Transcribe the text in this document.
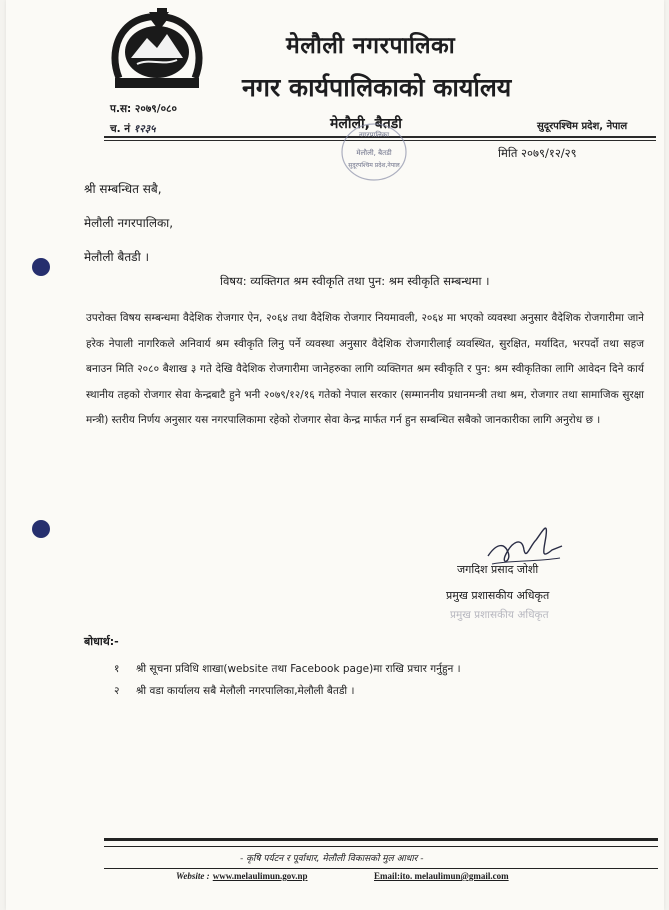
मेलौली नगरपालिका
नगर कार्यपालिकाको कार्यालय
मेलौली, बैतडी	सुदूरपश्चिम प्रदेश, नेपाल
प.स: २०७९/०८०
च. नं १२३५
मिति २०७९/१२/२९
नगरपालिका
मेलौली, बैतडी
सुदूरपश्चिम प्रदेश,नेपाल
श्री सम्बन्धित सबै,
मेलौली नगरपालिका,
मेलौली बैतडी ।
विषय: व्यक्तिगत श्रम स्वीकृति तथा पुन: श्रम स्वीकृति सम्बन्धमा ।
उपरोक्त विषय सम्बन्धमा वैदेशिक रोजगार ऐन, २०६४ तथा वैदेशिक रोजगार नियमावली, २०६४ मा भएको व्यवस्था अनुसार वैदेशिक रोजगारीमा जाने हरेक नेपाली नागरिकले अनिवार्य श्रम स्वीकृति लिनु पर्ने व्यवस्था अनुसार वैदेशिक रोजगारीलाई व्यवस्थित, सुरक्षित, मर्यादित, भरपर्दो तथा सहज बनाउन मिति २०८० बैशाख ३ गते देखि वैदेशिक रोजगारीमा जानेहरुका लागि व्यक्तिगत श्रम स्वीकृति र पुन: श्रम स्वीकृतिका लागि आवेदन दिने कार्य स्थानीय तहको रोजगार सेवा केन्द्रबाटै हुने भनी २०७९/१२/१६ गतेको नेपाल सरकार (सम्माननीय प्रधानमन्त्री तथा श्रम, रोजगार तथा सामाजिक सुरक्षा मन्त्री) स्तरीय निर्णय अनुसार यस नगरपालिकामा रहेको रोजगार सेवा केन्द्र मार्फत गर्न हुन सम्बन्धित सबैको जानकारीका लागि अनुरोध छ ।
जगदिश प्रसाद जोशी
प्रमुख प्रशासकीय अधिकृत
प्रमुख प्रशासकीय अधिकृत
बोधार्थ:-
१ श्री सूचना प्रविधि शाखा(website तथा Facebook page)मा राखि प्रचार गर्नुहुन ।
२ श्री वडा कार्यालय सबै मेलौली नगरपालिका,मेलौली बैतडी ।
- कृषि पर्यटन र पूर्वाधार, मेलौली विकासको मुल आधार -
Website : www.melaulimun.gov.np	Email:ito. melaulimun@gmail.com
